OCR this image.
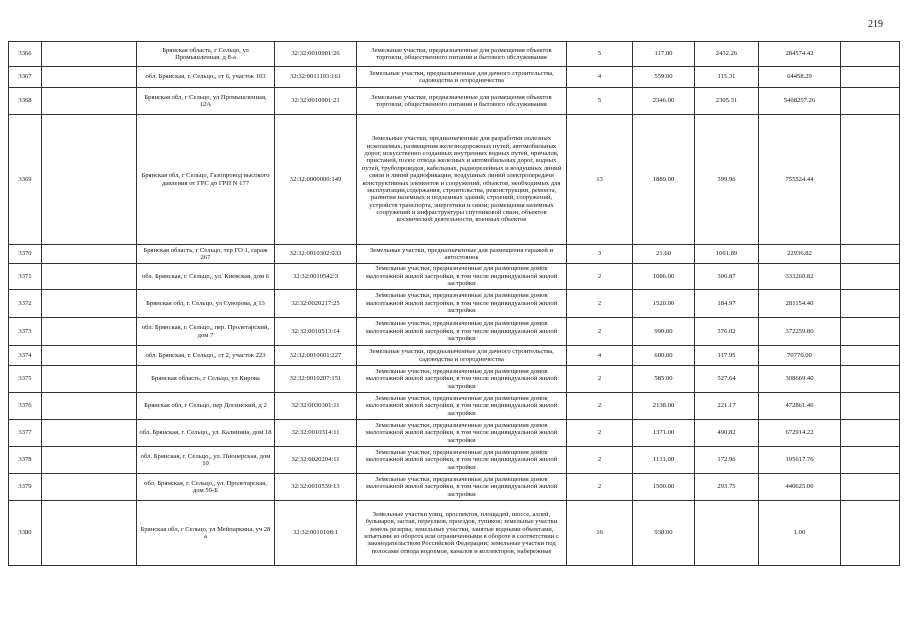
219
3366		Брянская область, г Сельцо, ул Промышленная, д 8-а	32:32:0010901:26	Земельные участки, предназначенные для размещения объектов торговли, общественного питания и бытового обслуживания	5	117.00	2432.26	284574.42	
3367		обл. Брянская, г. Сельцо,, ст 6, участок 103	32:32:0011103:161	Земельные участки, предназначенные для дачного строительства, садоводства и огородничества	4	559.00	115.31	64458.29	
3368		Брянская обл, г Сельцо, ул Промышленная, 12А	32:32:0010901:21	Земельные участки, предназначенные для размещения объектов торговли, общественного питания и бытового обслуживания	5	2346.00	2305.31	5408257.26	
3369		Брянская обл, г Сельцо, Газопровод высокого давления от ГРС до ГРП N 177	32:32:0000000:149	Земельные участки, предназначенные для разработки полезных ископаемых, размещения железнодорожных путей, автомобильных дорог, искусственно созданных внутренних водных путей, причалов, пристаней, полос отвода железных и автомобильных дорог, водных путей, трубопроводов, кабельных, радиорелейных и воздушных линий связи и линий радиофикации, воздушных линий электропередачи конструктивных элементов и сооружений, объектов, необходимых для эксплуатации,содержания, строительства, реконструкции, ремонта, развития наземных и подземных зданий, строений, сооружений, устройств транспорта, энергетики и связи; размещения наземных сооружений и инфраструктуры спутниковой связи, объектов космической деятельности, военных объектов	13	1889.00	399.96	755524.44	
3370		Брянская область, г Сельцо, тер ГО 1, гараж 267	32:32:0010302:933	Земельные участки, предназначенные для размещения гаражей и автостоянок	3	21.60	1061.89	22936.82	
3371		обл. Брянская, г. Сельцо,, ул. Киевская, дом 6	32:32:0010542:3	Земельные участки, предназначенные для размещения домов малоэтажной жилой застройки, в том числе индивидуальной жилой застройки	2	1086.00	306.87	333260.82	
3372		Брянская обл, г. Сельцо, ул Суворова, д 13	32:32:0020217:25	Земельные участки, предназначенные для размещения домов малоэтажной жилой застройки, в том числе индивидуальной жилой застройки	2	1520.00	184.97	281154.40	
3373		обл. Брянская, г. Сельцо,, пер. Пролетарский, дом 7	32:32:0010513:14	Земельные участки, предназначенные для размещения домов малоэтажной жилой застройки, в том числе индивидуальной жилой застройки	2	990.00	376.02	372259.80	
3374		обл. Брянская, г. Сельцо,, ст 2, участок 223	32:32:0010601:227	Земельные участки, предназначенные для дачного строительства, садоводства и огородничества	4	600.00	117.95	70770.00	
3375		Брянская область, г Сельцо, ул Кирова	32:32:0010207:151	Земельные участки, предназначенные для размещения домов малоэтажной жилой застройки, в том числе индивидуальной жилой застройки	2	585.00	527.64	308669.40	
3376		Брянская обл, г Сельцо, пер Досинский, д 2	32:32:0030301:11	Земельные участки, предназначенные для размещения домов малоэтажной жилой застройки, в том числе индивидуальной жилой застройки	2	2138.00	221.17	472861.46	
3377		обл. Брянская, г. Сельцо,, ул. Калинина, дом 18	32:32:0010314:11	Земельные участки, предназначенные для размещения домов малоэтажной жилой застройки, в том числе индивидуальной жилой застройки	2	1371.00	490.82	672914.22	
3378		обл. Брянская, г. Сельцо,, ул. Пионерская, дом 10	32:32:0020204:11	Земельные участки, предназначенные для размещения домов малоэтажной жилой застройки, в том числе индивидуальной жилой застройки	2	1131.00	172.96	195617.76	
3379		обл. Брянская, г. Сельцо,, ул. Пролетарская, дом 59-Б	32:32:0010539:13	Земельные участки, предназначенные для размещения домов малоэтажной жилой застройки, в том числе индивидуальной жилой застройки	2	1500.00	293.75	440625.00	
3380		Брянская обл, г Сельцо, ул Мейпаркина, уч 28 а	32:32:0010108:1	Земельные участки улиц, проспектов, площадей, шоссе, аллей, бульваров, застав, переулков, проездов, тупиков; земельные участки земель резерва; земельные участки, занятые водными объектами, изъятыми из оборота или ограниченными в обороте в соответствии с законодательством Российской Федерации; земельные участки под полосами отвода водоемов, каналов и коллекторов, набережные	16	938.00		1.00	
